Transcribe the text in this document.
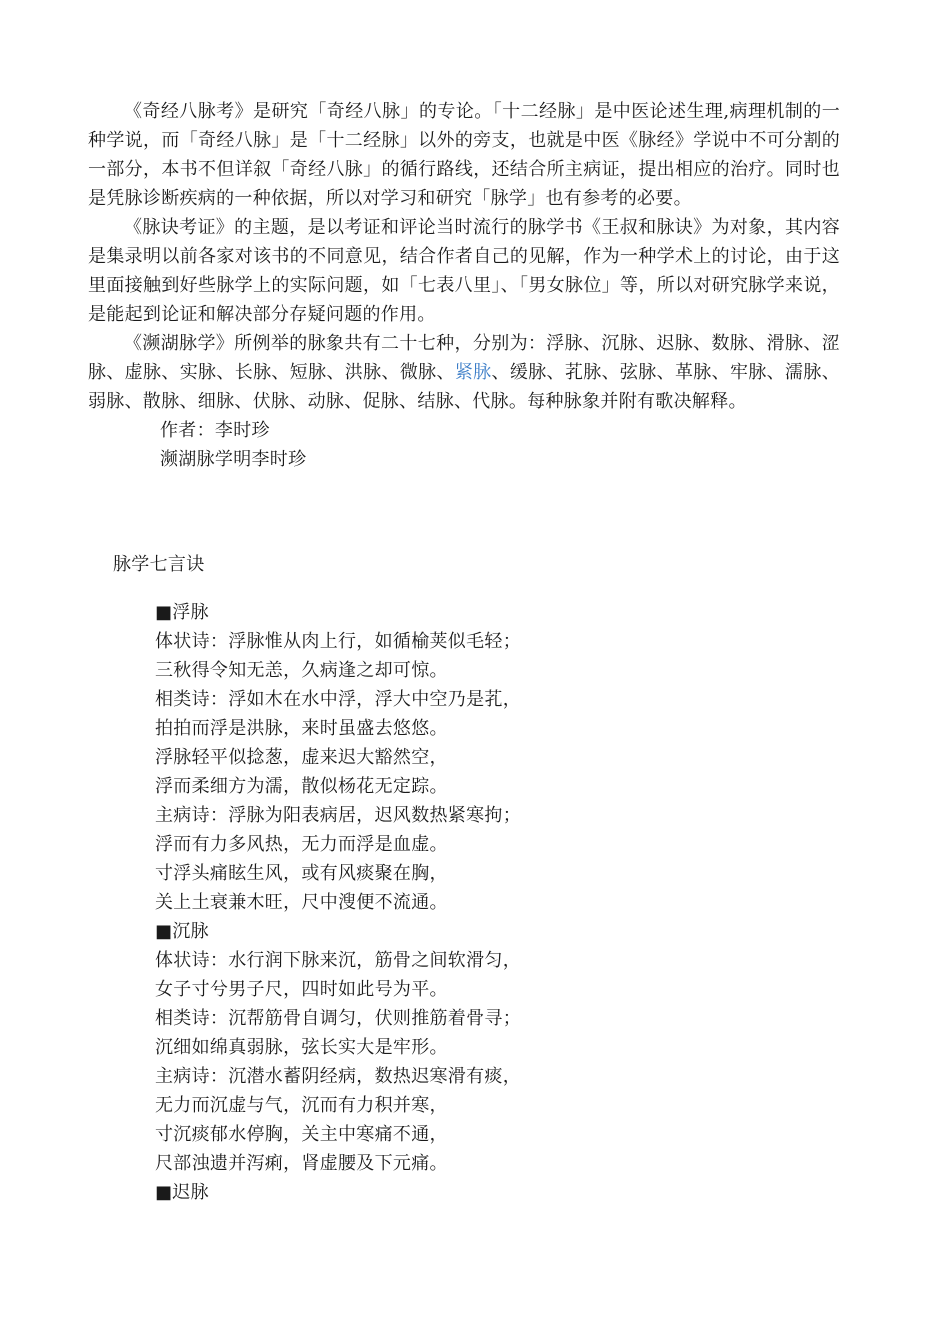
《奇经八脉考》是研究「奇经八脉」的专论。「十二经脉」是中医论述生理,病理机制的一种学说，而「奇经八脉」是「十二经脉」以外的旁支，也就是中医《脉经》学说中不可分割的一部分，本书不但详叙「奇经八脉」的循行路线，还结合所主病证，提出相应的治疗。同时也是凭脉诊断疾病的一种依据，所以对学习和研究「脉学」也有参考的必要。

《脉诀考证》的主题，是以考证和评论当时流行的脉学书《王叔和脉诀》为对象，其内容是集录明以前各家对该书的不同意见，结合作者自己的见解，作为一种学术上的讨论，由于这里面接触到好些脉学上的实际问题，如「七表八里」、「男女脉位」等，所以对研究脉学来说，是能起到论证和解决部分存疑问题的作用。

《濒湖脉学》所例举的脉象共有二十七种，分别为：浮脉、沉脉、迟脉、数脉、滑脉、涩脉、虚脉、实脉、长脉、短脉、洪脉、微脉、紧脉、缓脉、芤脉、弦脉、革脉、牢脉、濡脉、弱脉、散脉、细脉、伏脉、动脉、促脉、结脉、代脉。每种脉象并附有歌决解释。

作者：李时珍

濒湖脉学明李时珍

脉学七言诀
■浮脉
体状诗：浮脉惟从肉上行，如循榆荚似毛轻；
三秋得令知无恙，久病逢之却可惊。
相类诗：浮如木在水中浮，浮大中空乃是芤，
拍拍而浮是洪脉，来时虽盛去悠悠。
浮脉轻平似捻葱，虚来迟大豁然空，
浮而柔细方为濡，散似杨花无定踪。
主病诗：浮脉为阳表病居，迟风数热紧寒拘；
浮而有力多风热，无力而浮是血虚。
寸浮头痛眩生风，或有风痰聚在胸，
关上土衰兼木旺，尺中溲便不流通。
■沉脉
体状诗：水行润下脉来沉，筋骨之间软滑匀，
女子寸兮男子尺，四时如此号为平。
相类诗：沉帮筋骨自调匀，伏则推筋着骨寻；
沉细如绵真弱脉，弦长实大是牢形。
主病诗：沉潜水蓄阴经病，数热迟寒滑有痰，
无力而沉虚与气，沉而有力积并寒，
寸沉痰郁水停胸，关主中寒痛不通，
尺部浊遗并泻痢，肾虚腰及下元痛。
■迟脉
